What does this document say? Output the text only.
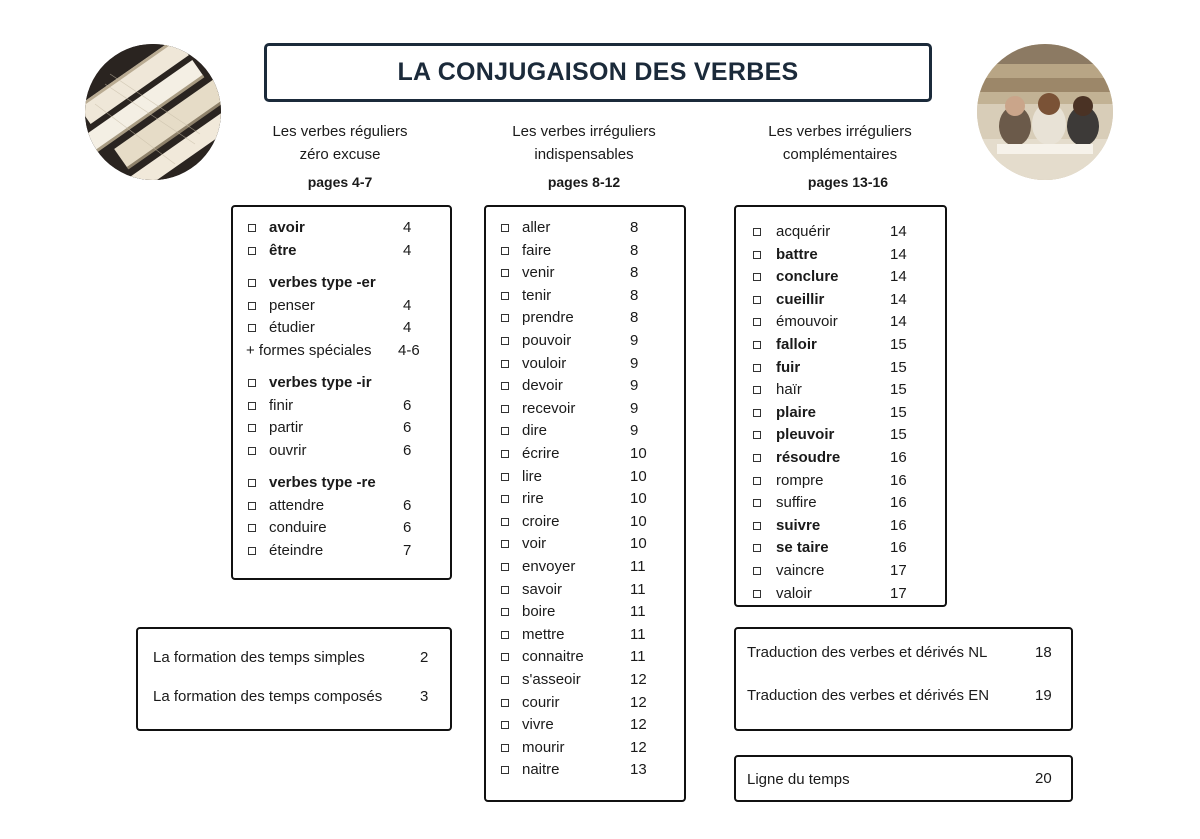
LA CONJUGAISON DES VERBES
Les verbes réguliers
zéro excuse
pages 4-7
Les verbes irréguliers
indispensables
pages 8-12
Les verbes irréguliers
complémentaires
pages 13-16
avoir	4
être	4
verbes type -er
penser	4
étudier	4
+ formes spéciales 4-6
verbes type -ir
finir	6
partir	6
ouvrir	6
verbes type -re
attendre	6
conduire	6
éteindre	7
aller	8
faire	8
venir	8
tenir	8
prendre	8
pouvoir	9
vouloir	9
devoir	9
recevoir	9
dire	9
écrire	10
lire	10
rire	10
croire	10
voir	10
envoyer	11
savoir	11
boire	11
mettre	11
connaitre	11
s'asseoir	12
courir	12
vivre	12
mourir	12
naitre	13
acquérir	14
battre	14
conclure	14
cueillir	14
émouvoir	14
falloir	15
fuir	15
haïr	15
plaire	15
pleuvoir	15
résoudre	16
rompre	16
suffire	16
suivre	16
se taire	16
vaincre	17
valoir	17
La formation des temps simples	2
La formation des temps composés	3
Traduction des verbes et dérivés NL	18
Traduction des verbes et dérivés EN	19
Ligne du temps	20
